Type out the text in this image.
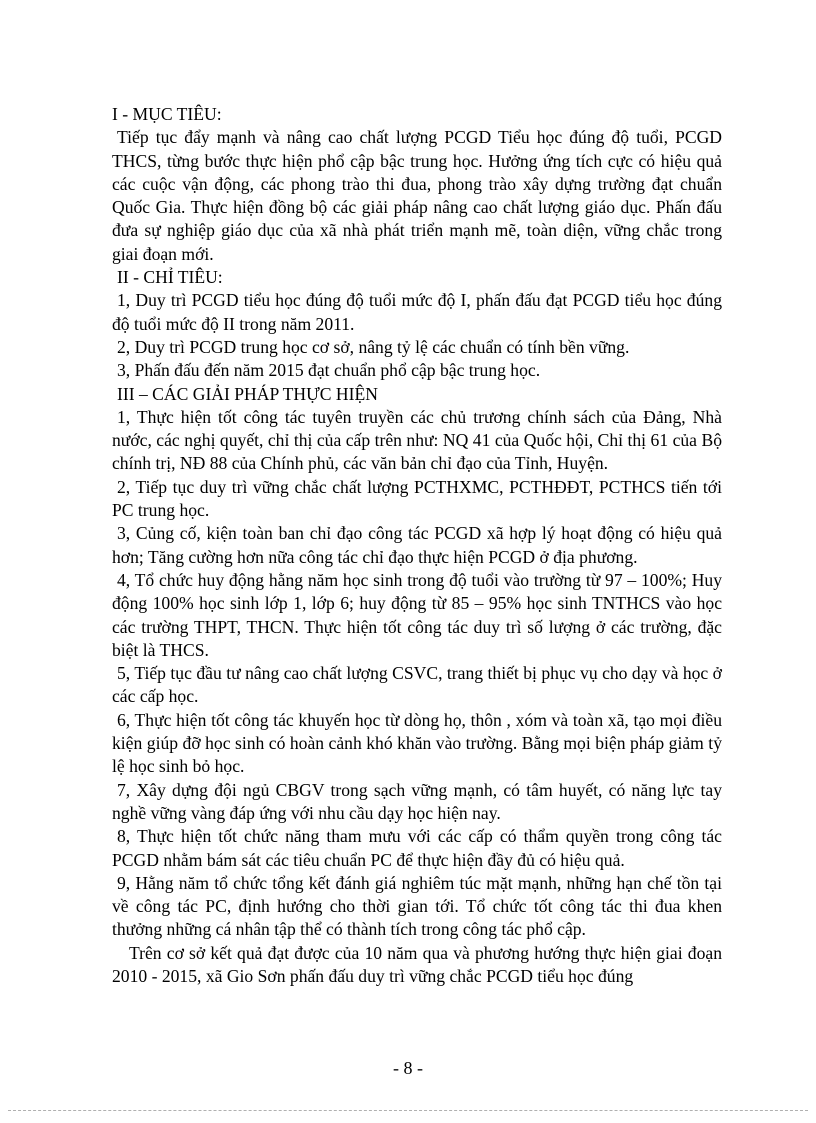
I - MỤC TIÊU:

Tiếp tục đẩy mạnh và nâng cao chất lượng PCGD Tiểu học đúng độ tuổi, PCGD THCS, từng bước thực hiện phổ cập bậc trung học. Hưởng ứng tích cực có hiệu quả các cuộc vận động, các phong trào thi đua, phong trào xây dựng trường đạt chuẩn Quốc Gia. Thực hiện đồng bộ các giải pháp nâng cao chất lượng giáo dục. Phấn đấu đưa sự nghiệp giáo dục của xã nhà phát triển mạnh mẽ, toàn diện, vững chắc trong giai đoạn mới.

II - CHỈ TIÊU:

1, Duy trì PCGD tiểu học đúng độ tuổi mức độ I, phấn đấu đạt PCGD tiểu học đúng độ tuổi mức độ II trong năm 2011.

2, Duy trì PCGD trung học cơ sở, nâng tỷ lệ các chuẩn có tính bền vững.

3, Phấn đấu đến năm 2015 đạt chuẩn phổ cập bậc trung học.

III – CÁC GIẢI PHÁP THỰC HIỆN

1, Thực hiện tốt công tác tuyên truyền các chủ trương chính sách của Đảng, Nhà nước, các nghị quyết, chỉ thị của cấp trên như: NQ 41 của Quốc hội, Chỉ thị 61 của Bộ chính trị, NĐ 88 của Chính phủ, các văn bản chỉ đạo của Tỉnh, Huyện.

2, Tiếp tục duy trì vững chắc chất lượng PCTHXMC, PCTHĐĐT, PCTHCS tiến tới PC trung học.

3, Củng cố, kiện toàn ban chỉ đạo công tác PCGD xã hợp lý hoạt động có hiệu quả hơn; Tăng cường hơn nữa công tác chỉ đạo thực hiện PCGD ở địa phương.

4, Tổ chức huy động hằng năm học sinh trong độ tuổi vào trường từ 97 – 100%; Huy động 100% học sinh lớp 1, lớp 6; huy động từ 85 – 95% học sinh TNTHCS vào học các trường THPT, THCN. Thực hiện tốt công tác duy trì số lượng ở các trường, đặc biệt là THCS.

5, Tiếp tục đầu tư nâng cao chất lượng CSVC, trang thiết bị phục vụ cho dạy và học ở các cấp học.

6, Thực hiện tốt công tác khuyến học từ dòng họ, thôn , xóm và toàn xã, tạo mọi điều kiện giúp đỡ học sinh có hoàn cảnh khó khăn vào trường. Bằng mọi biện pháp giảm tỷ lệ học sinh bỏ học.

7, Xây dựng đội ngủ CBGV trong sạch vững mạnh, có tâm huyết, có năng lực tay nghề vững vàng đáp ứng với nhu cầu dạy học hiện nay.

8, Thực hiện tốt chức năng tham mưu với các cấp có thẩm quyền trong công tác PCGD nhằm bám sát các tiêu chuẩn PC để thực hiện đầy đủ có hiệu quả.

9, Hằng năm tổ chức tổng kết đánh giá nghiêm túc mặt mạnh, những hạn chế tồn tại về công tác PC, định hướng cho thời gian tới. Tổ chức tốt công tác thi đua khen thưởng những cá nhân tập thể có thành tích trong công tác phổ cập.

Trên cơ sở kết quả đạt được của 10 năm qua và phương hướng thực hiện giai đoạn 2010 - 2015, xã Gio Sơn phấn đấu duy trì vững chắc PCGD tiểu học đúng

- 8 -
